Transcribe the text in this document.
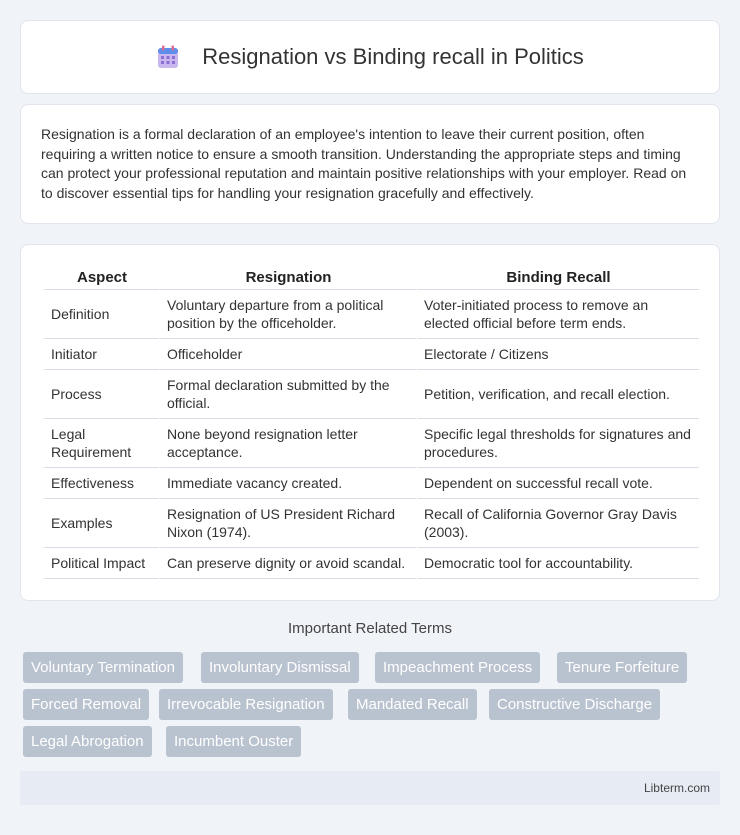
Resignation vs Binding recall in Politics

Resignation is a formal declaration of an employee's intention to leave their current position, often requiring a written notice to ensure a smooth transition. Understanding the appropriate steps and timing can protect your professional reputation and maintain positive relationships with your employer. Read on to discover essential tips for handling your resignation gracefully and effectively.

Aspect	Resignation	Binding Recall
Definition	Voluntary departure from a political position by the officeholder.	Voter-initiated process to remove an elected official before term ends.
Initiator	Officeholder	Electorate / Citizens
Process	Formal declaration submitted by the official.	Petition, verification, and recall election.
Legal Requirement	None beyond resignation letter acceptance.	Specific legal thresholds for signatures and procedures.
Effectiveness	Immediate vacancy created.	Dependent on successful recall vote.
Examples	Resignation of US President Richard Nixon (1974).	Recall of California Governor Gray Davis (2003).
Political Impact	Can preserve dignity or avoid scandal.	Democratic tool for accountability.
Important Related Terms
Voluntary Termination	Involuntary Dismissal	Impeachment Process	Tenure Forfeiture
Forced Removal	Irrevocable Resignation	Mandated Recall	Constructive Discharge
Legal Abrogation	Incumbent Ouster
Libterm.com
